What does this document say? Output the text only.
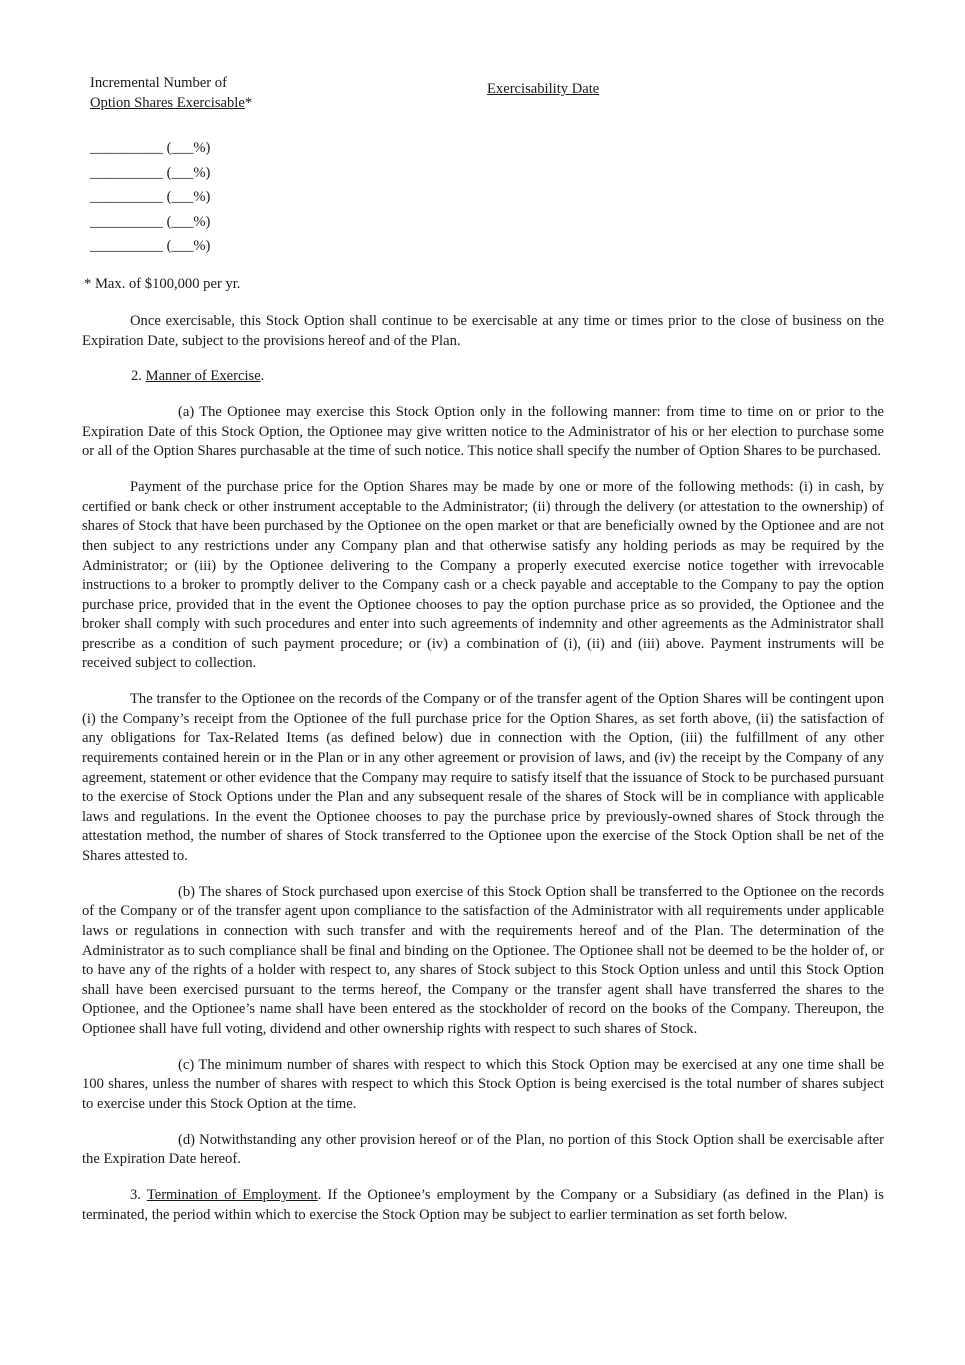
Incremental Number of
Option Shares Exercisable*
Exercisability Date
__________ (___%)
__________ (___%)
__________ (___%)
__________ (___%)
__________ (___%)
* Max. of $100,000 per yr.

Once exercisable, this Stock Option shall continue to be exercisable at any time or times prior to the close of business on the Expiration Date, subject to the provisions hereof and of the Plan.

2. Manner of Exercise.

(a) The Optionee may exercise this Stock Option only in the following manner: from time to time on or prior to the Expiration Date of this Stock Option, the Optionee may give written notice to the Administrator of his or her election to purchase some or all of the Option Shares purchasable at the time of such notice. This notice shall specify the number of Option Shares to be purchased.

Payment of the purchase price for the Option Shares may be made by one or more of the following methods: (i) in cash, by certified or bank check or other instrument acceptable to the Administrator; (ii) through the delivery (or attestation to the ownership) of shares of Stock that have been purchased by the Optionee on the open market or that are beneficially owned by the Optionee and are not then subject to any restrictions under any Company plan and that otherwise satisfy any holding periods as may be required by the Administrator; or (iii) by the Optionee delivering to the Company a properly executed exercise notice together with irrevocable instructions to a broker to promptly deliver to the Company cash or a check payable and acceptable to the Company to pay the option purchase price, provided that in the event the Optionee chooses to pay the option purchase price as so provided, the Optionee and the broker shall comply with such procedures and enter into such agreements of indemnity and other agreements as the Administrator shall prescribe as a condition of such payment procedure; or (iv) a combination of (i), (ii) and (iii) above. Payment instruments will be received subject to collection.

The transfer to the Optionee on the records of the Company or of the transfer agent of the Option Shares will be contingent upon (i) the Company’s receipt from the Optionee of the full purchase price for the Option Shares, as set forth above, (ii) the satisfaction of any obligations for Tax-Related Items (as defined below) due in connection with the Option, (iii) the fulfillment of any other requirements contained herein or in the Plan or in any other agreement or provision of laws, and (iv) the receipt by the Company of any agreement, statement or other evidence that the Company may require to satisfy itself that the issuance of Stock to be purchased pursuant to the exercise of Stock Options under the Plan and any subsequent resale of the shares of Stock will be in compliance with applicable laws and regulations. In the event the Optionee chooses to pay the purchase price by previously-owned shares of Stock through the attestation method, the number of shares of Stock transferred to the Optionee upon the exercise of the Stock Option shall be net of the Shares attested to.

(b) The shares of Stock purchased upon exercise of this Stock Option shall be transferred to the Optionee on the records of the Company or of the transfer agent upon compliance to the satisfaction of the Administrator with all requirements under applicable laws or regulations in connection with such transfer and with the requirements hereof and of the Plan. The determination of the Administrator as to such compliance shall be final and binding on the Optionee. The Optionee shall not be deemed to be the holder of, or to have any of the rights of a holder with respect to, any shares of Stock subject to this Stock Option unless and until this Stock Option shall have been exercised pursuant to the terms hereof, the Company or the transfer agent shall have transferred the shares to the Optionee, and the Optionee’s name shall have been entered as the stockholder of record on the books of the Company. Thereupon, the Optionee shall have full voting, dividend and other ownership rights with respect to such shares of Stock.

(c) The minimum number of shares with respect to which this Stock Option may be exercised at any one time shall be 100 shares, unless the number of shares with respect to which this Stock Option is being exercised is the total number of shares subject to exercise under this Stock Option at the time.

(d) Notwithstanding any other provision hereof or of the Plan, no portion of this Stock Option shall be exercisable after the Expiration Date hereof.

3. Termination of Employment. If the Optionee’s employment by the Company or a Subsidiary (as defined in the Plan) is terminated, the period within which to exercise the Stock Option may be subject to earlier termination as set forth below.
